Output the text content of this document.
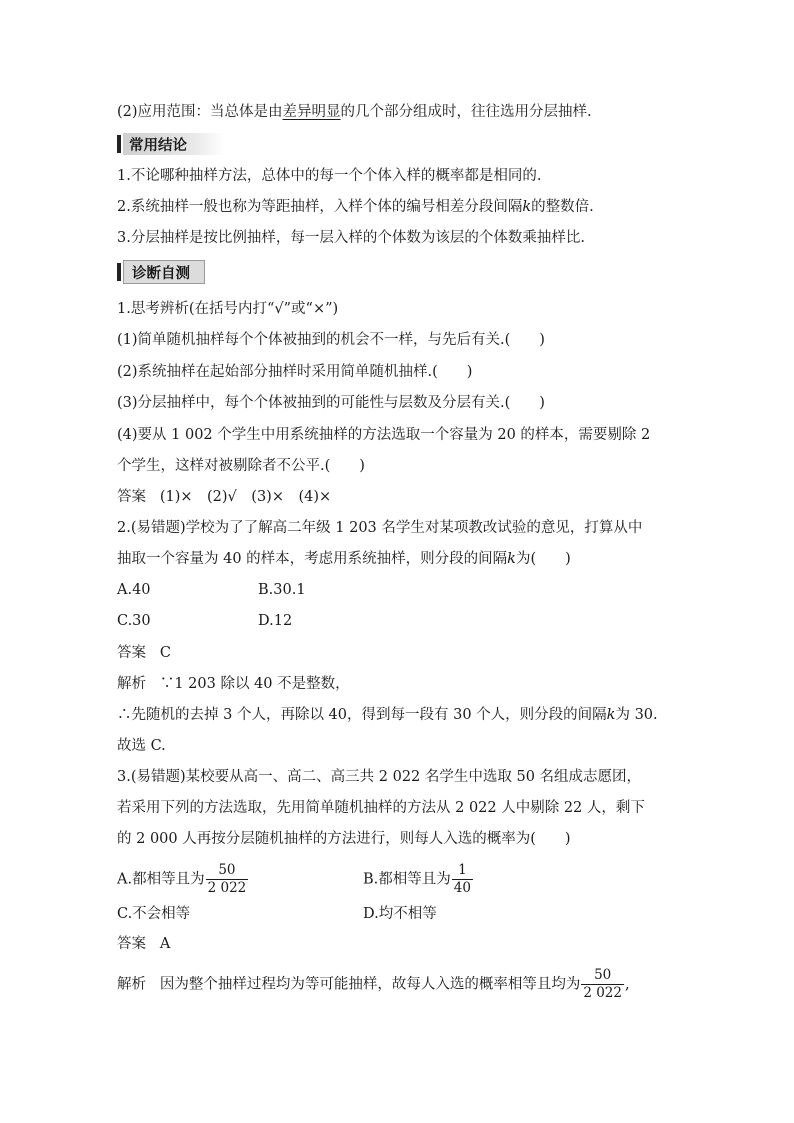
(2)应用范围：当总体是由差异明显的几个部分组成时，往往选用分层抽样.
常用结论
1.不论哪种抽样方法，总体中的每一个个体入样的概率都是相同的.
2.系统抽样一般也称为等距抽样，入样个体的编号相差分段间隔k的整数倍.
3.分层抽样是按比例抽样，每一层入样的个体数为该层的个体数乘抽样比.
诊断自测
1.思考辨析(在括号内打“√”或“×”)
(1)简单随机抽样每个个体被抽到的机会不一样，与先后有关.(　　)
(2)系统抽样在起始部分抽样时采用简单随机抽样.(　　)
(3)分层抽样中，每个个体被抽到的可能性与层数及分层有关.(　　)
(4)要从 1 002 个学生中用系统抽样的方法选取一个容量为 20 的样本，需要剔除 2
个学生，这样对被剔除者不公平.(　　)
答案 (1)×　(2)√　(3)×　(4)×
2.(易错题)学校为了了解高二年级 1 203 名学生对某项教改试验的意见，打算从中
抽取一个容量为 40 的样本，考虑用系统抽样，则分段的间隔k为(　　)
A.40	B.30.1
C.30	D.12
答案 C
解析 ∵1 203 除以 40 不是整数，
∴先随机的去掉 3 个人，再除以 40，得到每一段有 30 个人，则分段的间隔k为 30.
故选 C.
3.(易错题)某校要从高一、高二、高三共 2 022 名学生中选取 50 名组成志愿团，
若采用下列的方法选取，先用简单随机抽样的方法从 2 022 人中剔除 22 人，剩下
的 2 000 人再按分层随机抽样的方法进行，则每人入选的概率为(　　)
A.都相等且为 $\frac{50}{2 022}$	B.都相等且为 $\frac{1}{40}$
C.不会相等	D.均不相等
答案 A
解析 因为整个抽样过程均为等可能抽样，故每人入选的概率相等且均为 $\frac{50}{2 022}$ ,
